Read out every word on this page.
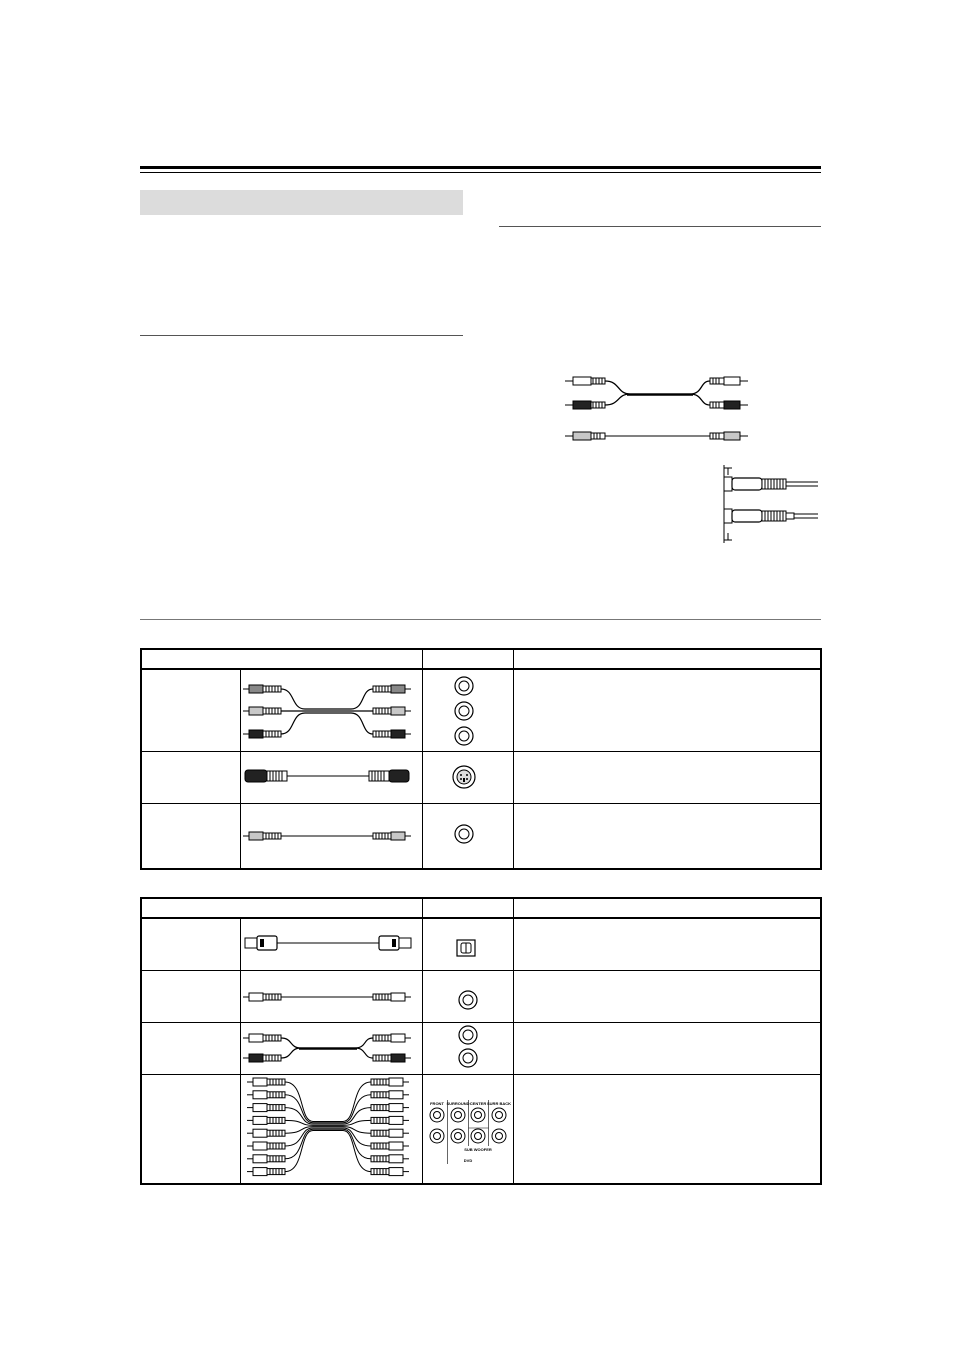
FRONT SURROUND CENTER SURR BACK
SUB WOOFER
DVD
